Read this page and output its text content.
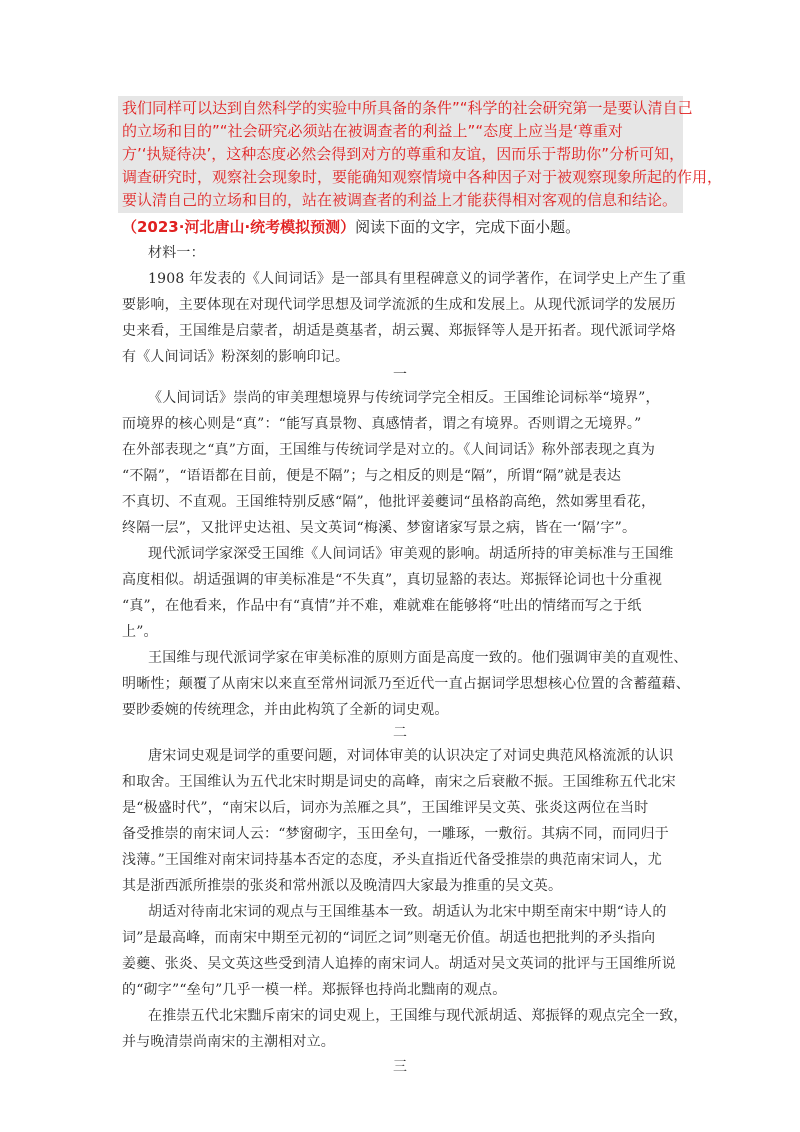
我们同样可以达到自然科学的实验中所具备的条件”“科学的社会研究第一是要认清自己
的立场和目的”“社会研究必须站在被调查者的利益上”“态度上应当是‘尊重对
方’‘执疑待决’，这种态度必然会得到对方的尊重和友谊，因而乐于帮助你”分析可知，
调查研究时，观察社会现象时，要能确知观察情境中各种因子对于被观察现象所起的作用，
要认清自己的立场和目的，站在被调查者的利益上才能获得相对客观的信息和结论。
（2023·河北唐山·统考模拟预测）阅读下面的文字，完成下面小题。
材料一：
1908 年发表的《人间词话》是一部具有里程碑意义的词学著作，在词学史上产生了重
要影响，主要体现在对现代词学思想及词学流派的生成和发展上。从现代派词学的发展历
史来看，王国维是启蒙者，胡适是奠基者，胡云翼、郑振铎等人是开拓者。现代派词学烙
有《人间词话》粉深刻的影响印记。
一
《人间词话》崇尚的审美理想境界与传统词学完全相反。王国维论词标举“境界”，
而境界的核心则是“真”：“能写真景物、真感情者，谓之有境界。否则谓之无境界。”
在外部表现之“真”方面，王国维与传统词学是对立的。《人间词话》称外部表现之真为
“不隔”，“语语都在目前，便是不隔”；与之相反的则是“隔”，所谓“隔”就是表达
不真切、不直观。王国维特别反感“隔”，他批评姜夔词“虽格韵高绝，然如雾里看花，
终隔一层”，又批评史达祖、吴文英词“梅溪、梦窗诸家写景之病，皆在一‘隔’字”。
现代派词学家深受王国维《人间词话》审美观的影响。胡适所持的审美标准与王国维
高度相似。胡适强调的审美标准是“不失真”，真切显豁的表达。郑振铎论词也十分重视
“真”，在他看来，作品中有“真情”并不难，难就难在能够将“吐出的情绪而写之于纸
上”。
王国维与现代派词学家在审美标准的原则方面是高度一致的。他们强调审美的直观性、
明晰性；颠覆了从南宋以来直至常州词派乃至近代一直占据词学思想核心位置的含蓄蕴藉、
要眇委婉的传统理念，并由此构筑了全新的词史观。
二
唐宋词史观是词学的重要问题，对词体审美的认识决定了对词史典范风格流派的认识
和取舍。王国维认为五代北宋时期是词史的高峰，南宋之后衰敝不振。王国维称五代北宋
是“极盛时代”，“南宋以后，词亦为羔雁之具”，王国维评吴文英、张炎这两位在当时
备受推崇的南宋词人云：“梦窗砌字，玉田垒句，一雕琢，一敷衍。其病不同，而同归于
浅薄。”王国维对南宋词持基本否定的态度，矛头直指近代备受推崇的典范南宋词人，尤
其是浙西派所推崇的张炎和常州派以及晚清四大家最为推重的吴文英。
胡适对待南北宋词的观点与王国维基本一致。胡适认为北宋中期至南宋中期“诗人的
词”是最高峰，而南宋中期至元初的“词匠之词”则毫无价值。胡适也把批判的矛头指向
姜夔、张炎、吴文英这些受到清人追捧的南宋词人。胡适对吴文英词的批评与王国维所说
的“砌字”“垒句”几乎一模一样。郑振铎也持尚北黜南的观点。
在推崇五代北宋黜斥南宋的词史观上，王国维与现代派胡适、郑振铎的观点完全一致，
并与晚清崇尚南宋的主潮相对立。
三
